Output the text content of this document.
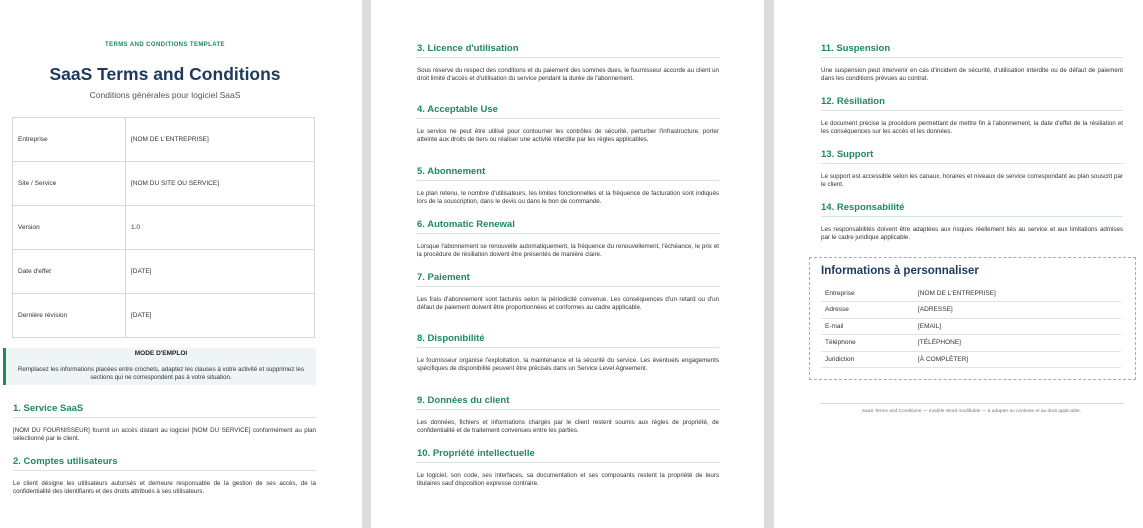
TERMS AND CONDITIONS TEMPLATE
SaaS Terms and Conditions
Conditions générales pour logiciel SaaS
Entreprise	[NOM DE L'ENTREPRISE]
Site / Service	[NOM DU SITE OU SERVICE]
Version	1.0
Date d'effet	[DATE]
Dernière révision	[DATE]
MODE D'EMPLOI
Remplacez les informations placées entre crochets, adaptez les clauses à votre activité et supprimez les sections qui ne correspondent pas à votre situation.
1. Service SaaS

[NOM DU FOURNISSEUR] fournit un accès distant au logiciel [NOM DU SERVICE] conformément au plan sélectionné par le client.

2. Comptes utilisateurs

Le client désigne les utilisateurs autorisés et demeure responsable de la gestion de ses accès, de la confidentialité des identifiants et des droits attribués à ses utilisateurs.

3. Licence d'utilisation

Sous réserve du respect des conditions et du paiement des sommes dues, le fournisseur accorde au client un droit limité d'accès et d'utilisation du service pendant la durée de l'abonnement.

4. Acceptable Use

Le service ne peut être utilisé pour contourner les contrôles de sécurité, perturber l'infrastructure, porter atteinte aux droits de tiers ou réaliser une activité interdite par les règles applicables.

5. Abonnement

Le plan retenu, le nombre d'utilisateurs, les limites fonctionnelles et la fréquence de facturation sont indiqués lors de la souscription, dans le devis ou dans le bon de commande.

6. Automatic Renewal

Lorsque l'abonnement se renouvelle automatiquement, la fréquence du renouvellement, l'échéance, le prix et la procédure de résiliation doivent être présentés de manière claire.

7. Paiement

Les frais d'abonnement sont facturés selon la périodicité convenue. Les conséquences d'un retard ou d'un défaut de paiement doivent être proportionnées et conformes au cadre applicable.

8. Disponibilité

Le fournisseur organise l'exploitation, la maintenance et la sécurité du service. Les éventuels engagements spécifiques de disponibilité peuvent être précisés dans un Service Level Agreement.

9. Données du client

Les données, fichiers et informations chargés par le client restent soumis aux règles de propriété, de confidentialité et de traitement convenues entre les parties.

10. Propriété intellectuelle

Le logiciel, son code, ses interfaces, sa documentation et ses composants restent la propriété de leurs titulaires sauf disposition expresse contraire.

11. Suspension

Une suspension peut intervenir en cas d'incident de sécurité, d'utilisation interdite ou de défaut de paiement dans les conditions prévues au contrat.

12. Résiliation

Le document précise la procédure permettant de mettre fin à l'abonnement, la date d'effet de la résiliation et les conséquences sur les accès et les données.

13. Support

Le support est accessible selon les canaux, horaires et niveaux de service correspondant au plan souscrit par le client.

14. Responsabilité

Les responsabilités doivent être adaptées aux risques réellement liés au service et aux limitations admises par le cadre juridique applicable.

Informations à personnaliser
Entreprise	[NOM DE L'ENTREPRISE]
Adresse	[ADRESSE]
E-mail	[EMAIL]
Téléphone	[TÉLÉPHONE]
Juridiction	[À COMPLÉTER]
SaaS Terms and Conditions — modèle Word modifiable — à adapter au contexte et au droit applicable.
